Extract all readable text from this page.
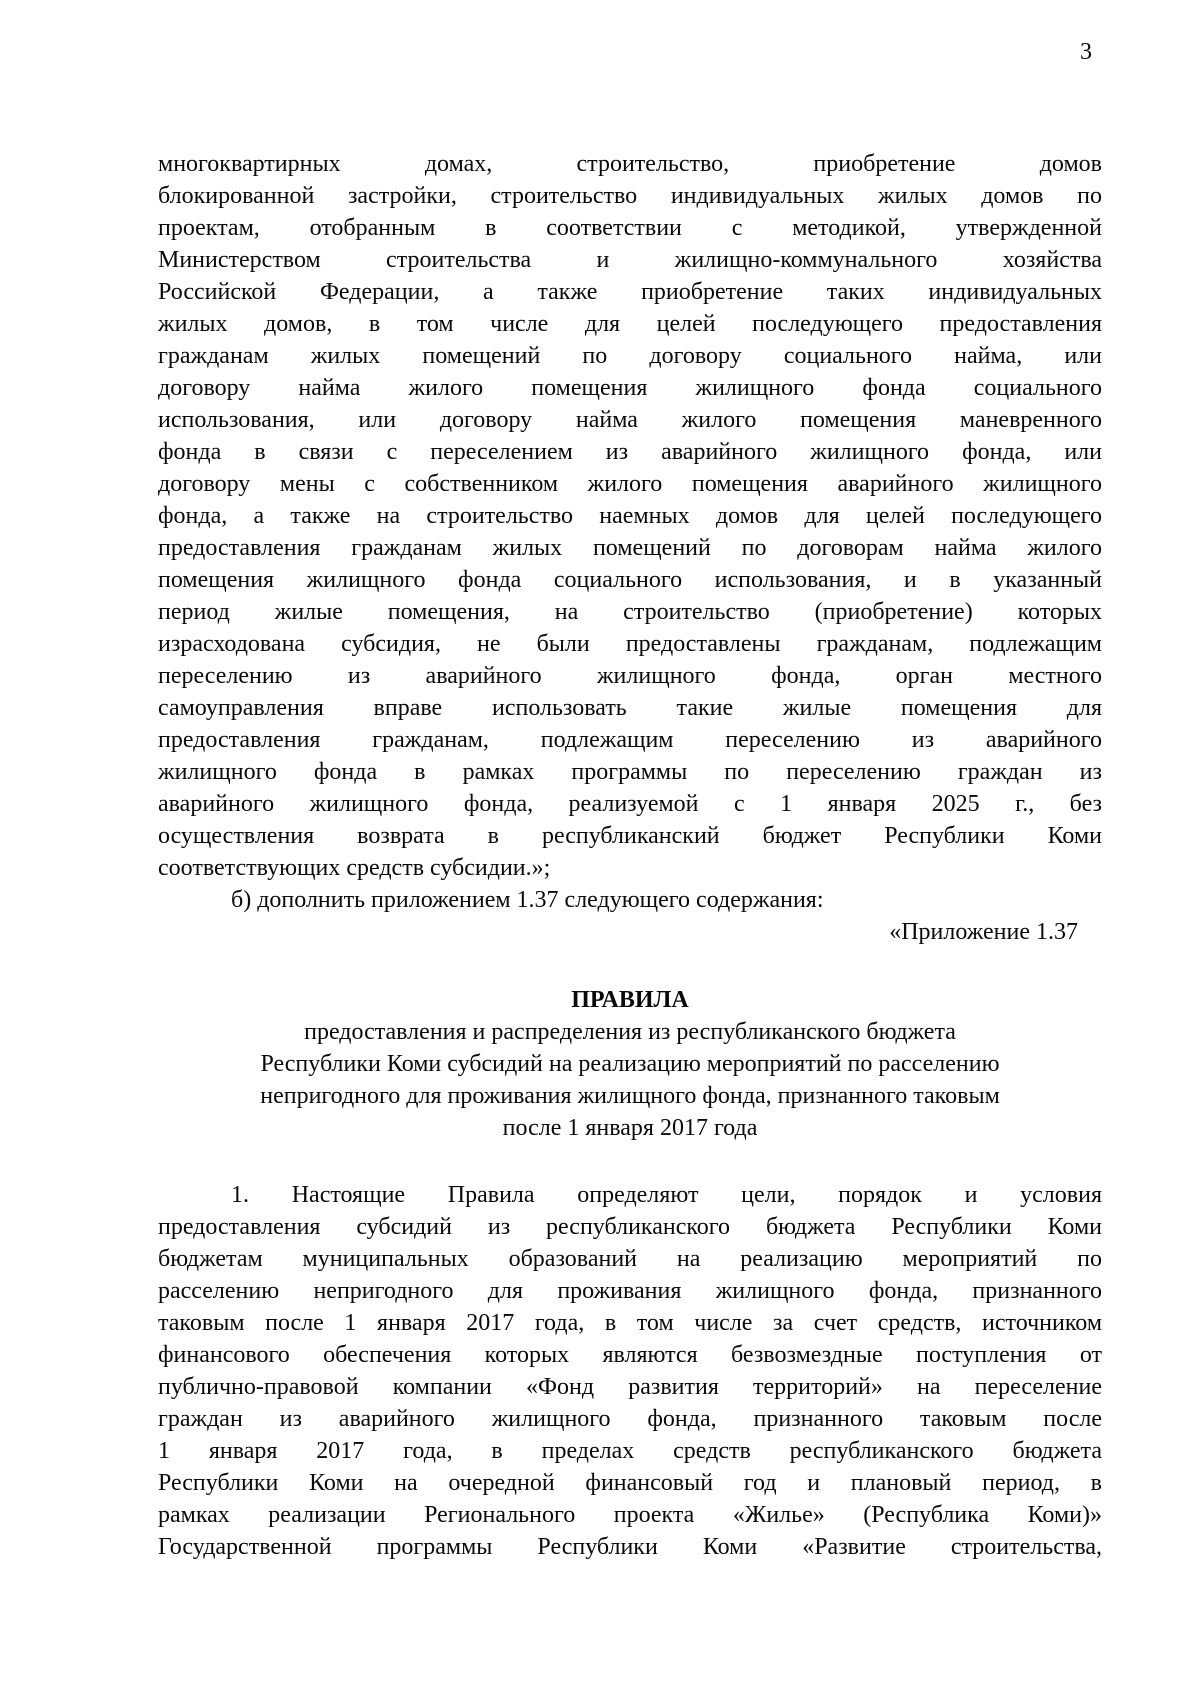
3
многоквартирных домах, строительство, приобретение домов
блокированной застройки, строительство индивидуальных жилых домов по
проектам, отобранным в соответствии с методикой, утвержденной
Министерством строительства и жилищно-коммунального хозяйства
Российской Федерации, а также приобретение таких индивидуальных
жилых домов, в том числе для целей последующего предоставления
гражданам жилых помещений по договору социального найма, или
договору найма жилого помещения жилищного фонда социального
использования, или договору найма жилого помещения маневренного
фонда в связи с переселением из аварийного жилищного фонда, или
договору мены с собственником жилого помещения аварийного жилищного
фонда, а также на строительство наемных домов для целей последующего
предоставления гражданам жилых помещений по договорам найма жилого
помещения жилищного фонда социального использования, и в указанный
период жилые помещения, на строительство (приобретение) которых
израсходована субсидия, не были предоставлены гражданам, подлежащим
переселению из аварийного жилищного фонда, орган местного
самоуправления вправе использовать такие жилые помещения для
предоставления гражданам, подлежащим переселению из аварийного
жилищного фонда в рамках программы по переселению граждан из
аварийного жилищного фонда, реализуемой с 1 января 2025 г., без
осуществления возврата в республиканский бюджет Республики Коми
соответствующих средств субсидии.»;
б) дополнить приложением 1.37 следующего содержания:
«Приложение 1.37
ПРАВИЛА
предоставления и распределения из республиканского бюджета
Республики Коми субсидий на реализацию мероприятий по расселению
непригодного для проживания жилищного фонда, признанного таковым
после 1 января 2017 года
1. Настоящие Правила определяют цели, порядок и условия
предоставления субсидий из республиканского бюджета Республики Коми
бюджетам муниципальных образований на реализацию мероприятий по
расселению непригодного для проживания жилищного фонда, признанного
таковым после 1 января 2017 года, в том числе за счет средств, источником
финансового обеспечения которых являются безвозмездные поступления от
публично-правовой компании «Фонд развития территорий» на переселение
граждан из аварийного жилищного фонда, признанного таковым после
1 января 2017 года, в пределах средств республиканского бюджета
Республики Коми на очередной финансовый год и плановый период, в
рамках реализации Регионального проекта «Жилье» (Республика Коми)»
Государственной программы Республики Коми «Развитие строительства,
